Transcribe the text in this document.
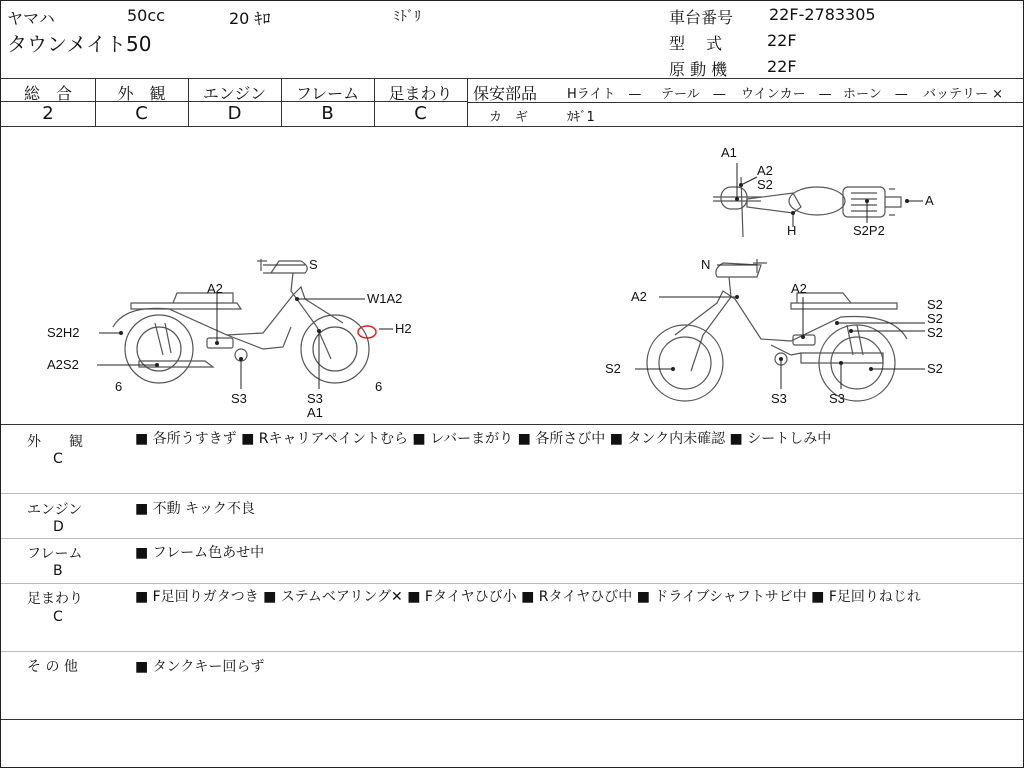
ヤマハ	50cc	20 ｷﾛ	ﾐﾄﾞﾘ
タウンメイト50
車台番号 22F-2783305
型　 式	22F
原 動 機 22F
総　合
2
外　観
C
エンジン
D
フレーム
B
足まわり
C
保安部品 Hライト　— テール　— ウインカー　— ホーン　— バッテリー ×
カ　ギ	ｶｷﾞ1
A1
A2
S2
H	S2P2
A
S
A2
W1A2
S2H2	H2
A2S2
6
S3	S3
A1
6
N
A2
A2
S2
S2
S2	S2
S2
S3	S3
外　　観
C
■ 各所うすきず ■ Rキャリアペイントむら ■ レバーまがり ■ 各所さび中 ■ タンク内未確認 ■ シートしみ中
エンジン
D
■ 不動 キック不良
フレーム
B
■ フレーム色あせ中
足まわり
C
■ F足回りガタつき ■ ステムベアリング✕ ■ Fタイヤひび小 ■ Rタイヤひび中 ■ ドライブシャフトサビ中 ■ F足回りねじれ
そ の 他	■ タンクキー回らず
